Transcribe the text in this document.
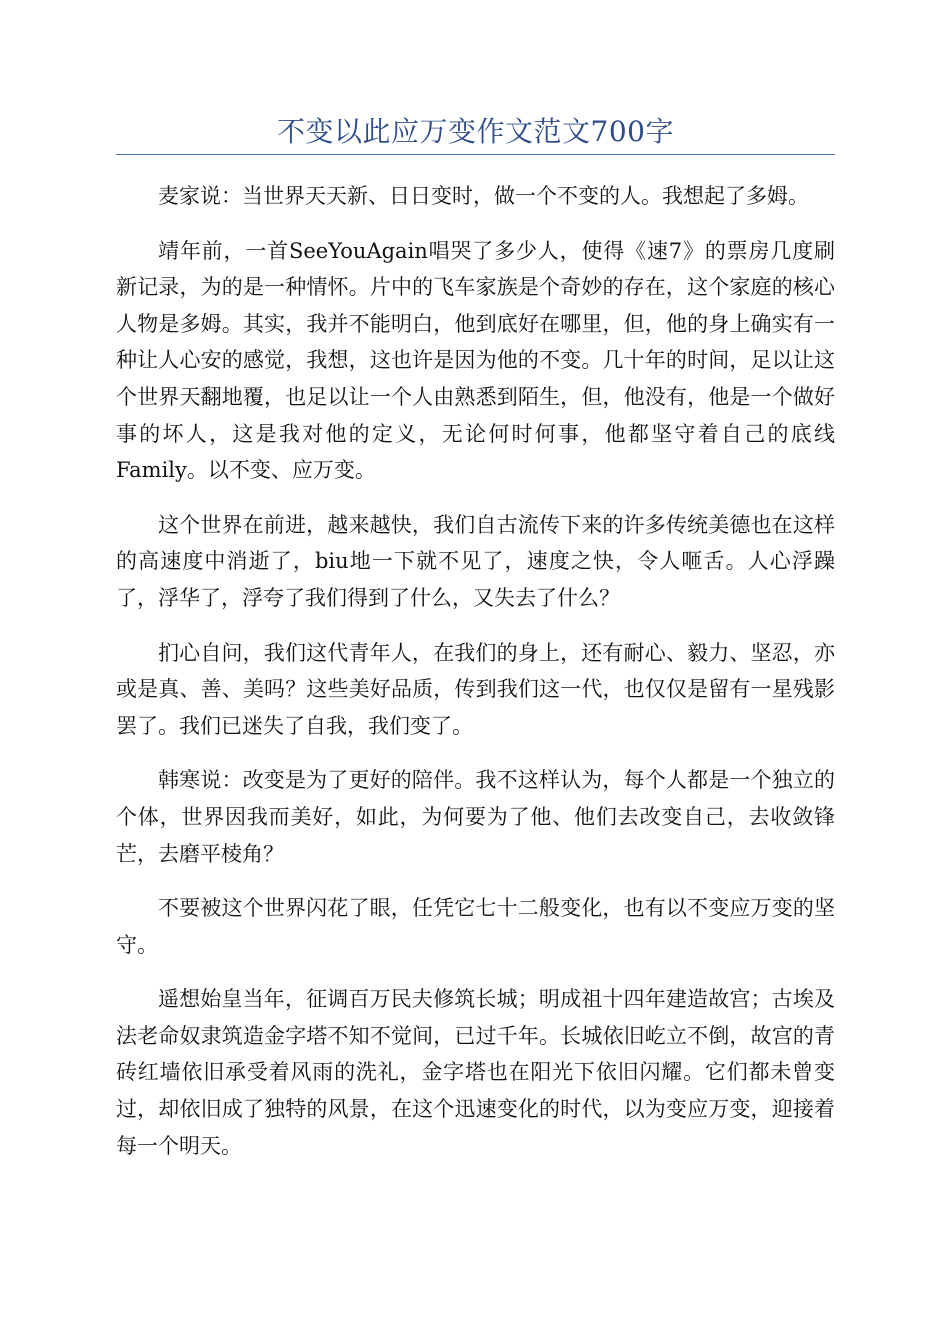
不变以此应万变作文范文700字

麦家说：当世界天天新、日日变时，做一个不变的人。我想起了多姆。

靖年前，一首SeeYouAgain唱哭了多少人，使得《速7》的票房几度刷新记录，为的是一种情怀。片中的飞车家族是个奇妙的存在，这个家庭的核心人物是多姆。其实，我并不能明白，他到底好在哪里，但，他的身上确实有一种让人心安的感觉，我想，这也许是因为他的不变。几十年的时间，足以让这个世界天翻地覆，也足以让一个人由熟悉到陌生，但，他没有，他是一个做好事的坏人，这是我对他的定义，无论何时何事，他都坚守着自己的底线Family。以不变、应万变。

这个世界在前进，越来越快，我们自古流传下来的许多传统美德也在这样的高速度中消逝了，biu地一下就不见了，速度之快，令人咂舌。人心浮躁了，浮华了，浮夸了我们得到了什么，又失去了什么？

扪心自问，我们这代青年人，在我们的身上，还有耐心、毅力、坚忍，亦或是真、善、美吗？这些美好品质，传到我们这一代，也仅仅是留有一星残影罢了。我们已迷失了自我，我们变了。

韩寒说：改变是为了更好的陪伴。我不这样认为，每个人都是一个独立的个体，世界因我而美好，如此，为何要为了他、他们去改变自己，去收敛锋芒，去磨平棱角？

不要被这个世界闪花了眼，任凭它七十二般变化，也有以不变应万变的坚守。

遥想始皇当年，征调百万民夫修筑长城；明成祖十四年建造故宫；古埃及法老命奴隶筑造金字塔不知不觉间，已过千年。长城依旧屹立不倒，故宫的青砖红墙依旧承受着风雨的洗礼，金字塔也在阳光下依旧闪耀。它们都未曾变过，却依旧成了独特的风景，在这个迅速变化的时代，以为变应万变，迎接着每一个明天。
